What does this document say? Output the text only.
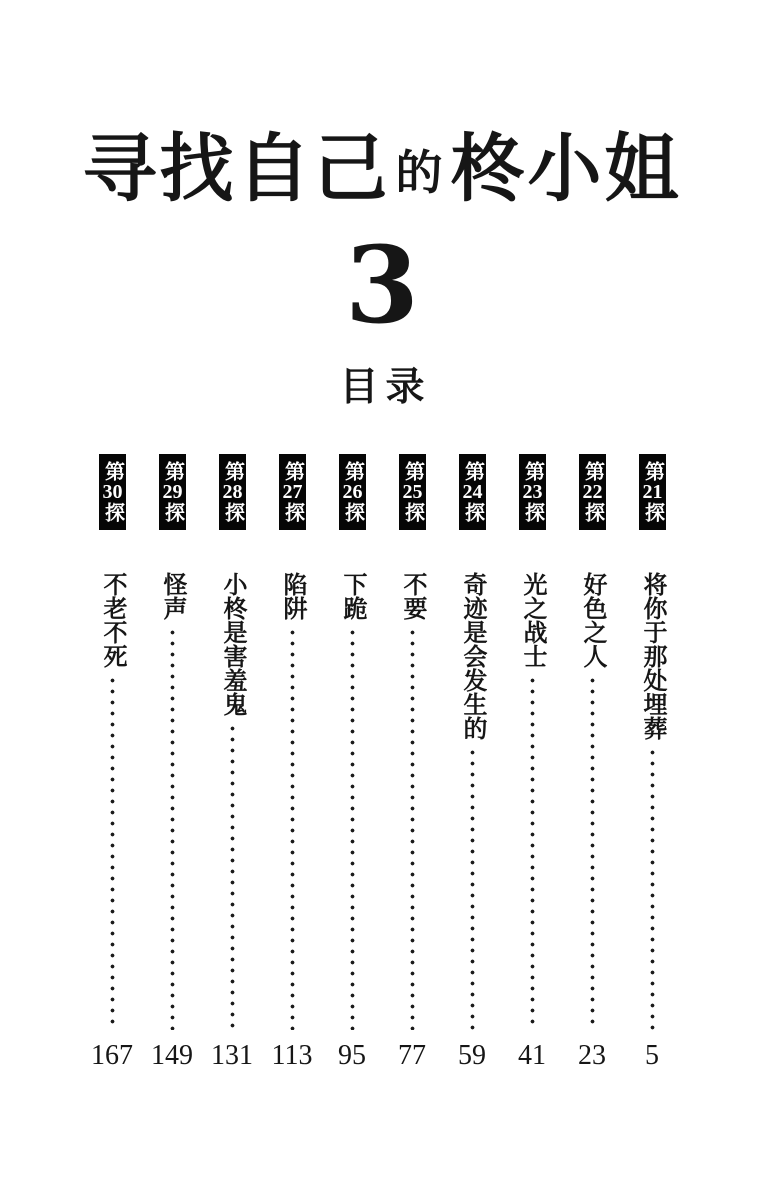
寻找自己 的 柊小姐
3
目录
第
21
探
将你于那处埋葬
5
第
22
探
好色之人
23
第
23
探
光之战士
41
第
24
探
奇迹是会发生的
59
第
25
探
不要
77
第
26
探
下跪
95
第
27
探
陷阱
113
第
28
探
小柊是害羞鬼
131
第
29
探
怪声
149
第
30
探
不老不死
167
